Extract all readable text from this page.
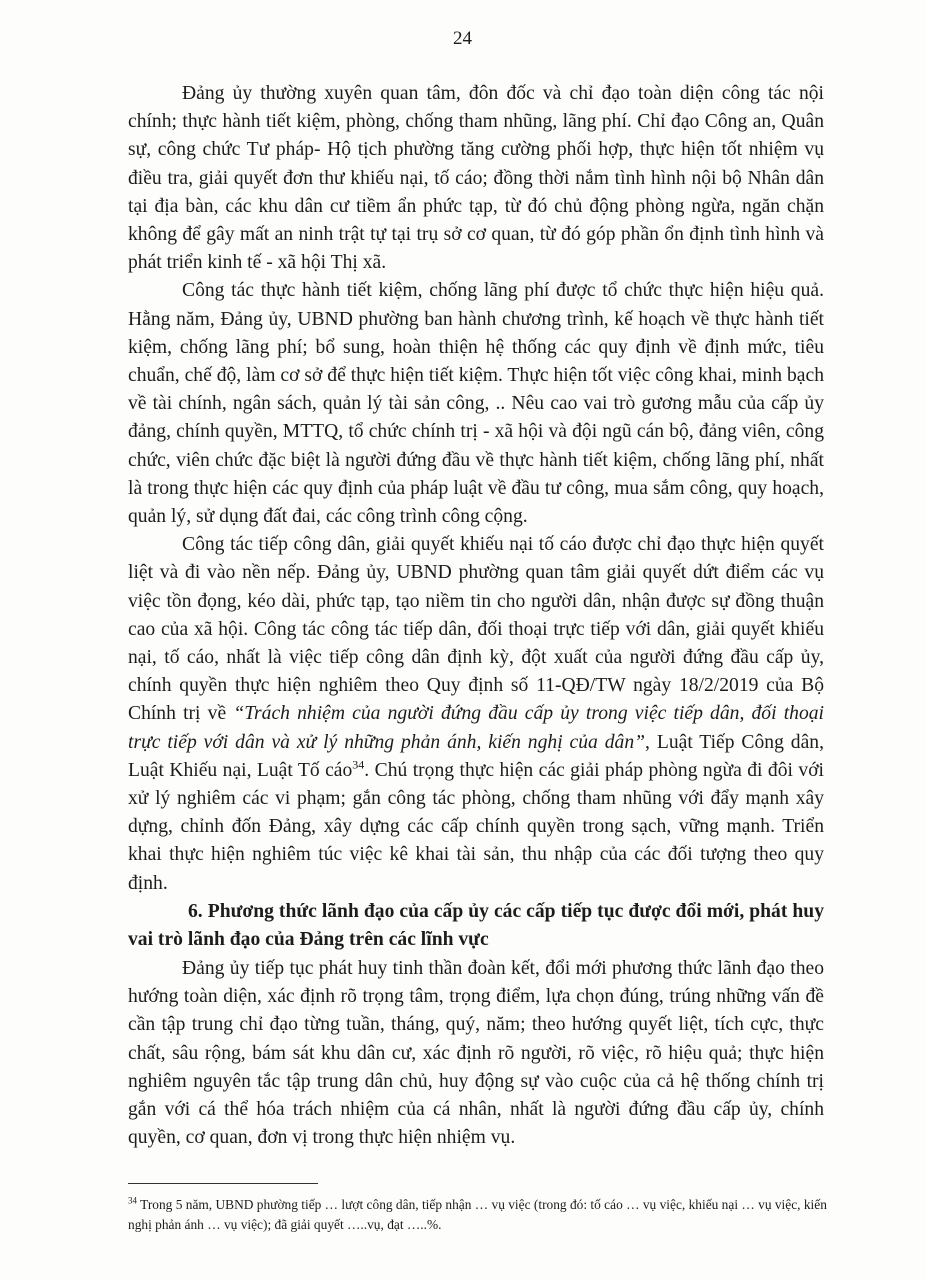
24

Đảng ủy thường xuyên quan tâm, đôn đốc và chỉ đạo toàn diện công tác nội chính; thực hành tiết kiệm, phòng, chống tham nhũng, lãng phí. Chỉ đạo Công an, Quân sự, công chức Tư pháp- Hộ tịch phường tăng cường phối hợp, thực hiện tốt nhiệm vụ điều tra, giải quyết đơn thư khiếu nại, tố cáo; đồng thời nắm tình hình nội bộ Nhân dân tại địa bàn, các khu dân cư tiềm ẩn phức tạp, từ đó chủ động phòng ngừa, ngăn chặn không để gây mất an ninh trật tự tại trụ sở cơ quan, từ đó góp phần ổn định tình hình và phát triển kinh tế - xã hội Thị xã.

Công tác thực hành tiết kiệm, chống lãng phí được tổ chức thực hiện hiệu quả. Hằng năm, Đảng ủy, UBND phường ban hành chương trình, kế hoạch về thực hành tiết kiệm, chống lãng phí; bổ sung, hoàn thiện hệ thống các quy định về định mức, tiêu chuẩn, chế độ, làm cơ sở để thực hiện tiết kiệm. Thực hiện tốt việc công khai, minh bạch về tài chính, ngân sách, quản lý tài sản công, .. Nêu cao vai trò gương mẫu của cấp ủy đảng, chính quyền, MTTQ, tổ chức chính trị - xã hội và đội ngũ cán bộ, đảng viên, công chức, viên chức đặc biệt là người đứng đầu về thực hành tiết kiệm, chống lãng phí, nhất là trong thực hiện các quy định của pháp luật về đầu tư công, mua sắm công, quy hoạch, quản lý, sử dụng đất đai, các công trình công cộng.

Công tác tiếp công dân, giải quyết khiếu nại tố cáo được chỉ đạo thực hiện quyết liệt và đi vào nền nếp. Đảng ủy, UBND phường quan tâm giải quyết dứt điểm các vụ việc tồn đọng, kéo dài, phức tạp, tạo niềm tin cho người dân, nhận được sự đồng thuận cao của xã hội. Công tác công tác tiếp dân, đối thoại trực tiếp với dân, giải quyết khiếu nại, tố cáo, nhất là việc tiếp công dân định kỳ, đột xuất của người đứng đầu cấp ủy, chính quyền thực hiện nghiêm theo Quy định số 11-QĐ/TW ngày 18/2/2019 của Bộ Chính trị về “Trách nhiệm của người đứng đầu cấp ủy trong việc tiếp dân, đối thoại trực tiếp với dân và xử lý những phản ánh, kiến nghị của dân”, Luật Tiếp Công dân, Luật Khiếu nại, Luật Tố cáo$^{34}$. Chú trọng thực hiện các giải pháp phòng ngừa đi đôi với xử lý nghiêm các vi phạm; gắn công tác phòng, chống tham nhũng với đẩy mạnh xây dựng, chỉnh đốn Đảng, xây dựng các cấp chính quyền trong sạch, vững mạnh. Triển khai thực hiện nghiêm túc việc kê khai tài sản, thu nhập của các đối tượng theo quy định.

6. Phương thức lãnh đạo của cấp ủy các cấp tiếp tục được đổi mới, phát huy vai trò lãnh đạo của Đảng trên các lĩnh vực

Đảng ủy tiếp tục phát huy tinh thần đoàn kết, đổi mới phương thức lãnh đạo theo hướng toàn diện, xác định rõ trọng tâm, trọng điểm, lựa chọn đúng, trúng những vấn đề cần tập trung chỉ đạo từng tuần, tháng, quý, năm; theo hướng quyết liệt, tích cực, thực chất, sâu rộng, bám sát khu dân cư, xác định rõ người, rõ việc, rõ hiệu quả; thực hiện nghiêm nguyên tắc tập trung dân chủ, huy động sự vào cuộc của cả hệ thống chính trị gắn với cá thể hóa trách nhiệm của cá nhân, nhất là người đứng đầu cấp ủy, chính quyền, cơ quan, đơn vị trong thực hiện nhiệm vụ.

$^{34}$ Trong 5 năm, UBND phường tiếp … lượt công dân, tiếp nhận … vụ việc (trong đó: tố cáo … vụ việc, khiếu nại … vụ việc, kiến nghị phản ánh … vụ việc); đã giải quyết …..vụ, đạt …..%.
